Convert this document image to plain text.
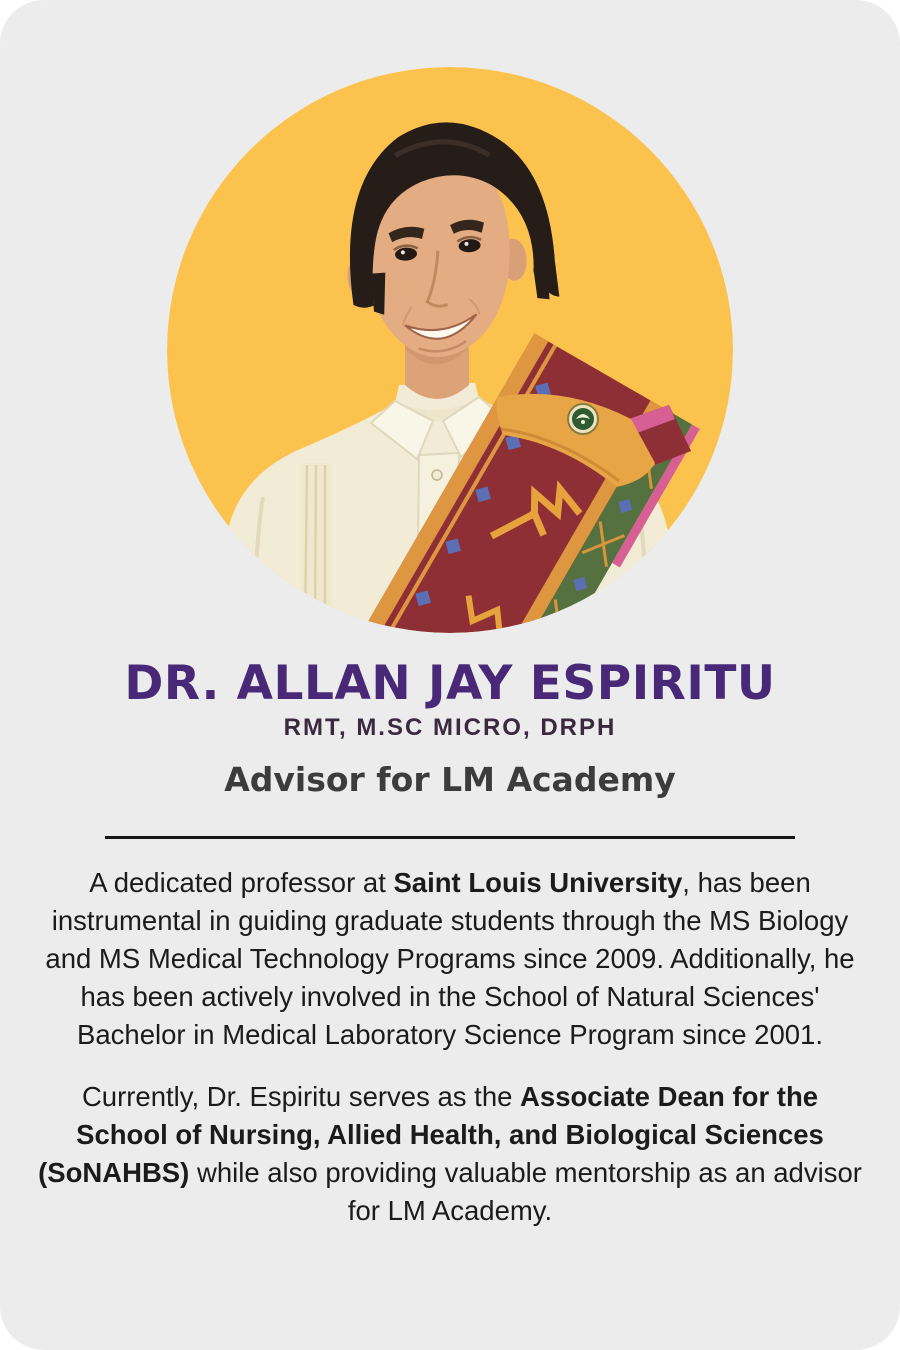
DR. ALLAN JAY ESPIRITU
RMT, M.SC MICRO, DRPH
Advisor for LM Academy

A dedicated professor at Saint Louis University, has been instrumental in guiding graduate students through the MS Biology and MS Medical Technology Programs since 2009. Additionally, he has been actively involved in the School of Natural Sciences' Bachelor in Medical Laboratory Science Program since 2001.

Currently, Dr. Espiritu serves as the Associate Dean for the School of Nursing, Allied Health, and Biological Sciences (SoNAHBS) while also providing valuable mentorship as an advisor for LM Academy.
